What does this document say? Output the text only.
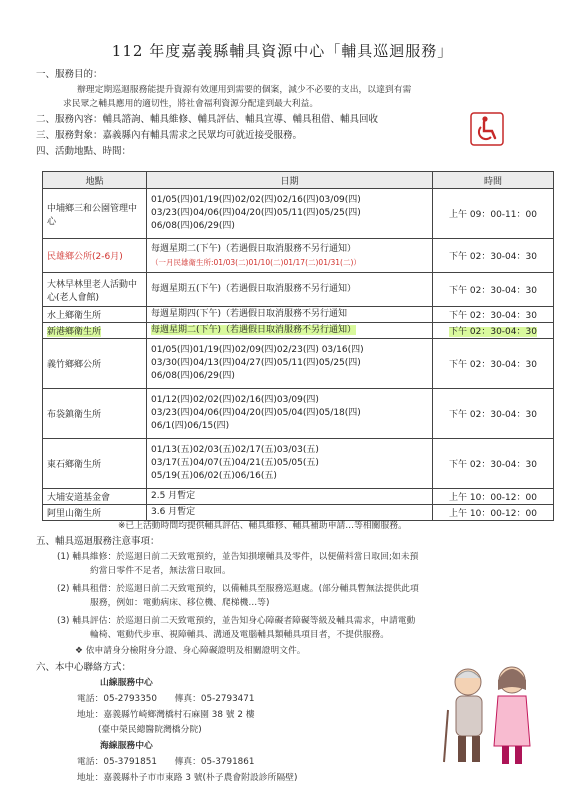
112 年度嘉義縣輔具資源中心「輔具巡迴服務」
一、服務目的：
辦理定期巡迴服務能提升資源有效運用到需要的個案，減少不必要的支出，以達到有需
求民眾之輔具應用的適切性，將社會福利資源分配達到最大利益。
二、服務內容：輔具諮詢、輔具維修、輔具評估、輔具宣導、輔具租借、輔具回收
三、服務對象：嘉義縣內有輔具需求之民眾均可就近接受服務。
四、活動地點、時間：
地點	日期	時間
中埔鄉三和公園管理中心	01/05(四)01/19(四)02/02(四)02/16(四)03/09(四)
03/23(四)04/06(四)04/20(四)05/11(四)05/25(四)
06/08(四)06/29(四)	上午 09：00-11：00
民雄鄉公所(2-6月)	每週星期二(下午)（若遇假日取消服務不另行通知）
（一月民雄衛生所:01/03(二)01/10(二)01/17(二)01/31(二)）	下午 02：30-04：30
大林早林里老人活動中心(老人會館)	每週星期五(下午)（若遇假日取消服務不另行通知）	下午 02：30-04：30
水上鄉衛生所	每週星期四(下午)（若遇假日取消服務不另行通知	下午 02：30-04：30
新港鄉衛生所	每週星期二(下午)（若遇假日取消服務不另行通知）	下午 02：30-04：30
義竹鄉鄉公所	01/05(四)01/19(四)02/09(四)02/23(四) 03/16(四)
03/30(四)04/13(四)04/27(四)05/11(四)05/25(四)
06/08(四)06/29(四)	下午 02：30-04：30
布袋鎮衛生所	01/12(四)02/02(四)02/16(四)03/09(四)
03/23(四)04/06(四)04/20(四)05/04(四)05/18(四)
06/1(四)06/15(四)	下午 02：30-04：30
東石鄉衛生所	01/13(五)02/03(五)02/17(五)03/03(五)
03/17(五)04/07(五)04/21(五)05/05(五)
05/19(五)06/02(五)06/16(五)	下午 02：30-04：30
大埔安道基金會	2.5 月暫定	上午 10：00-12：00
阿里山衛生所	3.6 月暫定	上午 10：00-12：00
※已上活動時間均提供輔具評估、輔具維修、輔具補助申請…等相關服務。
五、輔具巡迴服務注意事項：
(1) 輔具維修：於巡迴日前二天致電預約，並告知損壞輔具及零件，以便備料當日取回;如未預
約當日零件不足者，無法當日取回。
(2) 輔具租借：於巡迴日前二天致電預約，以備輔具至服務巡迴處。(部分輔具暫無法提供此項
服務，例如：電動病床、移位機、爬梯機…等)
(3) 輔具評估：於巡迴日前二天致電預約，並告知身心障礙者障礙等級及輔具需求，申請電動
輪椅、電動代步車、視障輔具、溝通及電腦輔具類輔具項目者，不提供服務。
❖ 依申請身分檢附身分證、身心障礙證明及相關證明文件。
六、本中心聯絡方式：
山線服務中心
電話：05-2793350　　傳真：05-2793471
地址：嘉義縣竹崎鄉灣橋村石麻園 38 號 2 樓
(臺中榮民總醫院灣橋分院)
海線服務中心
電話：05-3791851　　傳真：05-3791861
地址：嘉義縣朴子市市東路 3 號(朴子農會附設診所隔壁)
